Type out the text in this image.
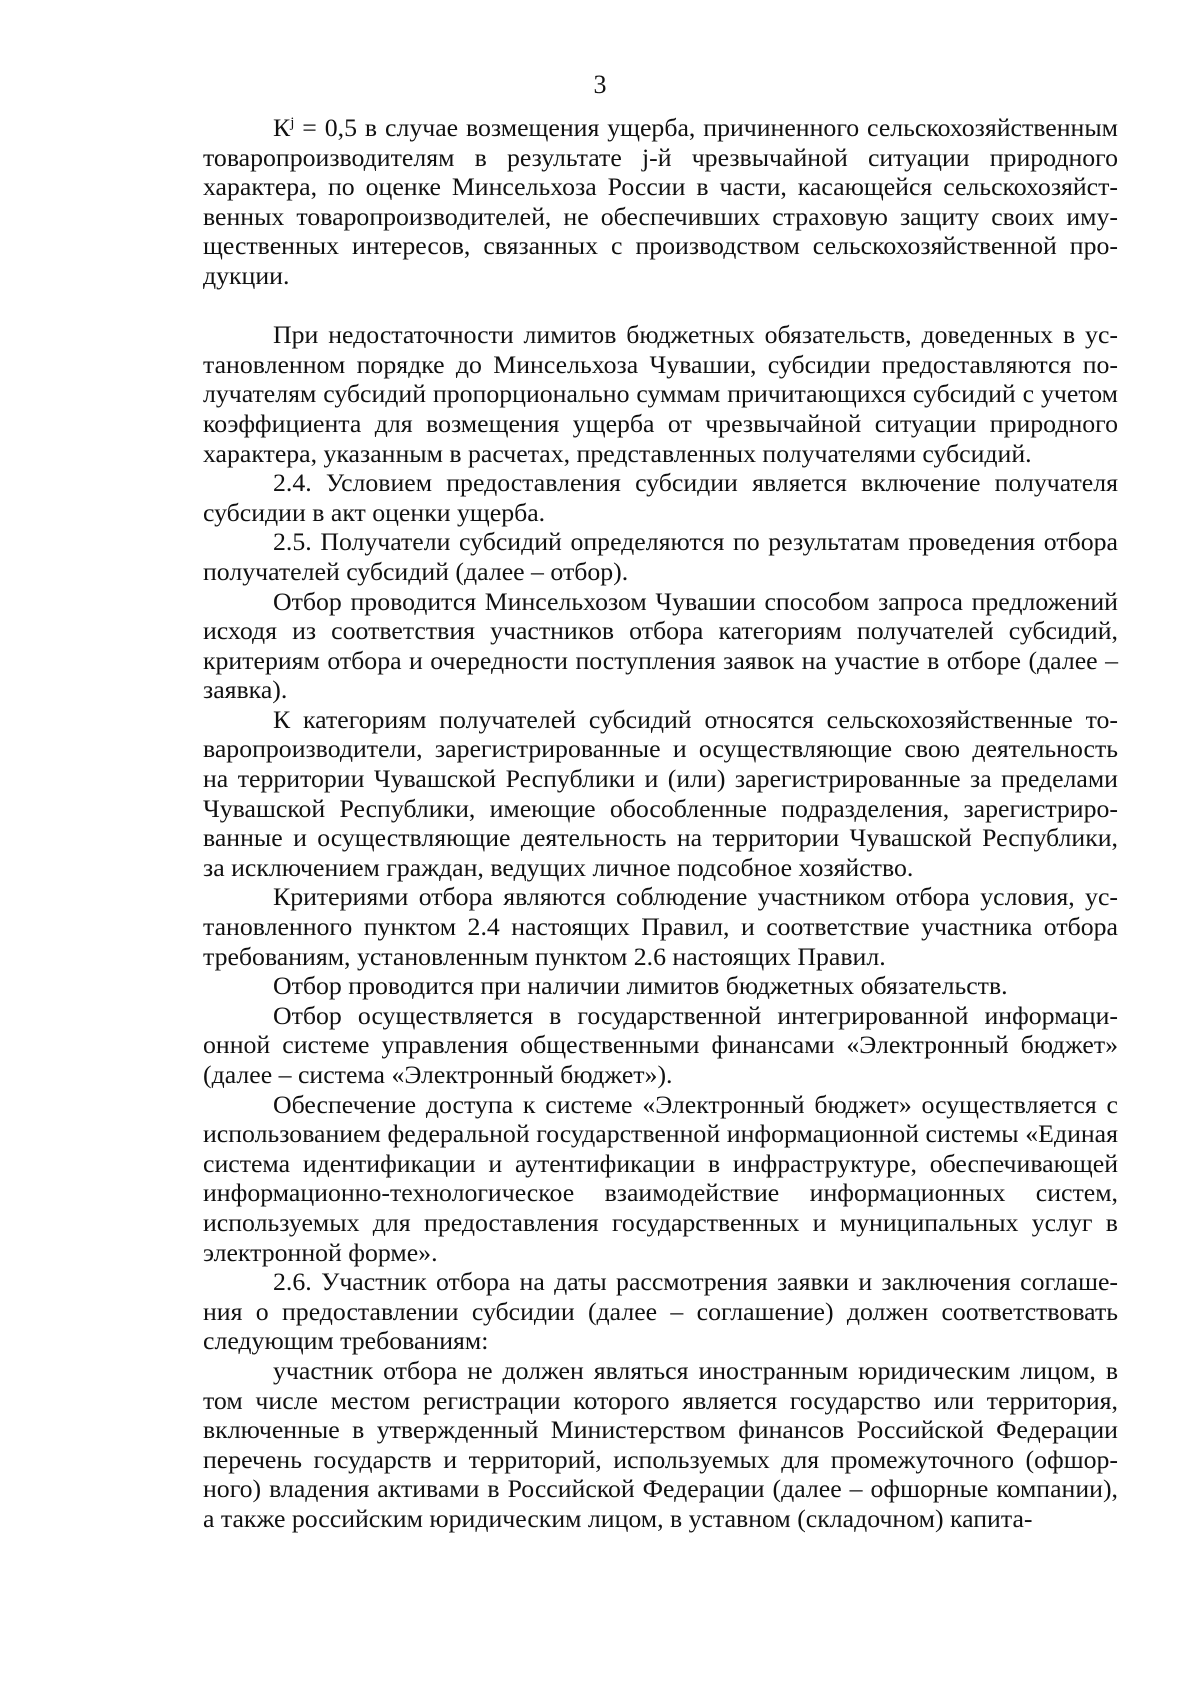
3

$К^j = 0,5$ в случае возмещения ущерба, причиненного сельскохозяйственным товаропроизводителям в результате j-й чрезвычайной ситуации природного характера, по оценке Минсельхоза России в части, касающейся сельскохозяйственных товаропроизводителей, не обеспечивших страховую защиту своих имущественных интересов, связанных с производством сельскохозяйственной продукции.

При недостаточности лимитов бюджетных обязательств, доведенных в установленном порядке до Минсельхоза Чувашии, субсидии предоставляются получателям субсидий пропорционально суммам причитающихся субсидий с учетом коэффициента для возмещения ущерба от чрезвычайной ситуации природного характера, указанным в расчетах, представленных получателями субсидий.

2.4. Условием предоставления субсидии является включение получателя субсидии в акт оценки ущерба.

2.5. Получатели субсидий определяются по результатам проведения отбора получателей субсидий (далее – отбор).

Отбор проводится Минсельхозом Чувашии способом запроса предложений исходя из соответствия участников отбора категориям получателей субсидий, критериям отбора и очередности поступления заявок на участие в отборе (далее – заявка).

К категориям получателей субсидий относятся сельскохозяйственные товаропроизводители, зарегистрированные и осуществляющие свою деятельность на территории Чувашской Республики и (или) зарегистрированные за пределами Чувашской Республики, имеющие обособленные подразделения, зарегистрированные и осуществляющие деятельность на территории Чувашской Республики, за исключением граждан, ведущих личное подсобное хозяйство.

Критериями отбора являются соблюдение участником отбора условия, установленного пунктом 2.4 настоящих Правил, и соответствие участника отбора требованиям, установленным пунктом 2.6 настоящих Правил.

Отбор проводится при наличии лимитов бюджетных обязательств.

Отбор осуществляется в государственной интегрированной информационной системе управления общественными финансами «Электронный бюджет» (далее – система «Электронный бюджет»).

Обеспечение доступа к системе «Электронный бюджет» осуществляется с использованием федеральной государственной информационной системы «Единая система идентификации и аутентификации в инфраструктуре, обеспечивающей информационно-технологическое взаимодействие информационных систем, используемых для предоставления государственных и муниципальных услуг в электронной форме».

2.6. Участник отбора на даты рассмотрения заявки и заключения соглашения о предоставлении субсидии (далее – соглашение) должен соответствовать следующим требованиям:

участник отбора не должен являться иностранным юридическим лицом, в том числе местом регистрации которого является государство или территория, включенные в утвержденный Министерством финансов Российской Федерации перечень государств и территорий, используемых для промежуточного (офшорного) владения активами в Российской Федерации (далее – офшорные компании), а также российским юридическим лицом, в уставном (складочном) капита-
